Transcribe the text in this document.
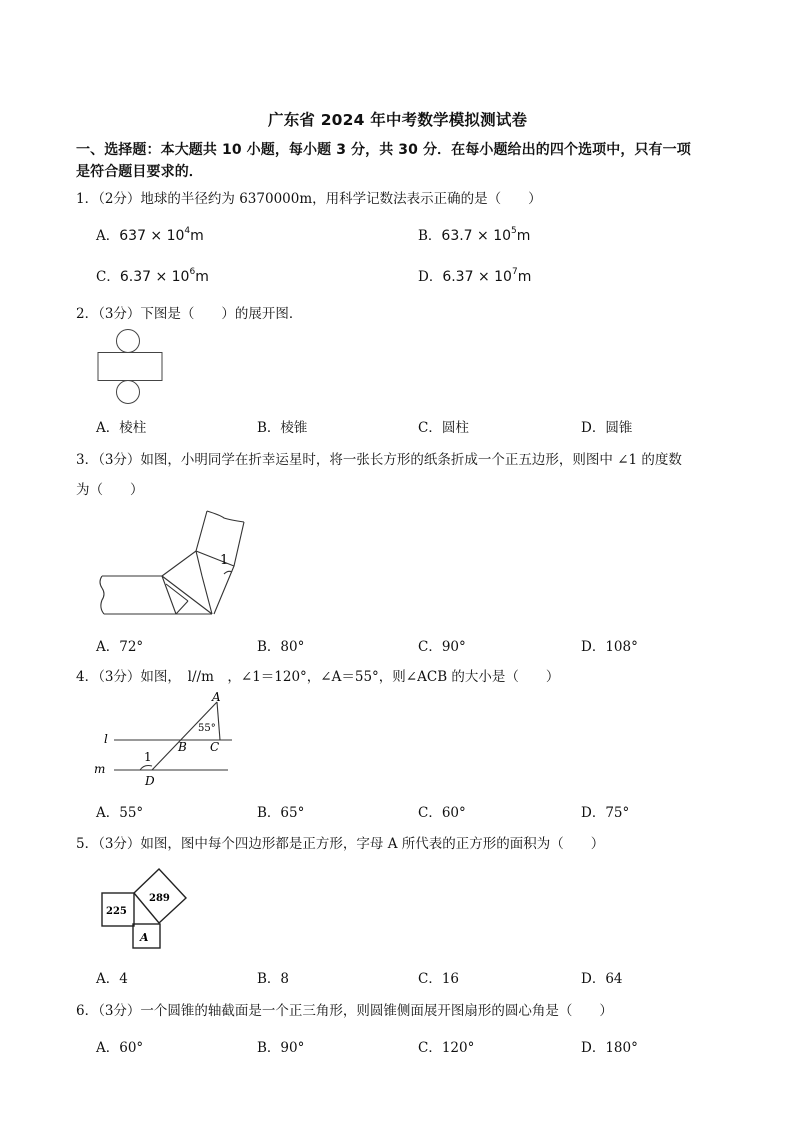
广东省 2024 年中考数学模拟测试卷
一、选择题：本大题共 10 小题，每小题 3 分，共 30 分．在每小题给出的四个选项中，只有一项
是符合题目要求的．
1．（2分）地球的半径约为 6370000m，用科学记数法表示正确的是（　　）
A．$637 \times 10^4m$	B．$63.7 \times 10^5m$
C．$6.37 \times 10^6m$	D．$6.37 \times 10^7m$
2．（3分）下图是（　　）的展开图．
A．棱柱	B．棱锥	C．圆柱	D．圆锥
3．（3分）如图，小明同学在折幸运星时，将一张长方形的纸条折成一个正五边形，则图中 ∠1 的度数
为（　　）
1
A．72°	B．80°	C．90°	D．108°
4．（3分）如图，　l//m　，∠1＝120°，∠A＝55°，则∠ACB 的大小是（　　）
A
55°
l
B C
1
m
D
A．55°	B．65°	C．60°	D．75°
5．（3分）如图，图中每个四边形都是正方形，字母 A 所代表的正方形的面积为（　　）
225
289
A
A．4	B．8	C．16	D．64
6．（3分）一个圆锥的轴截面是一个正三角形，则圆锥侧面展开图扇形的圆心角是（　　）
A．60°	B．90°	C．120°	D．180°
